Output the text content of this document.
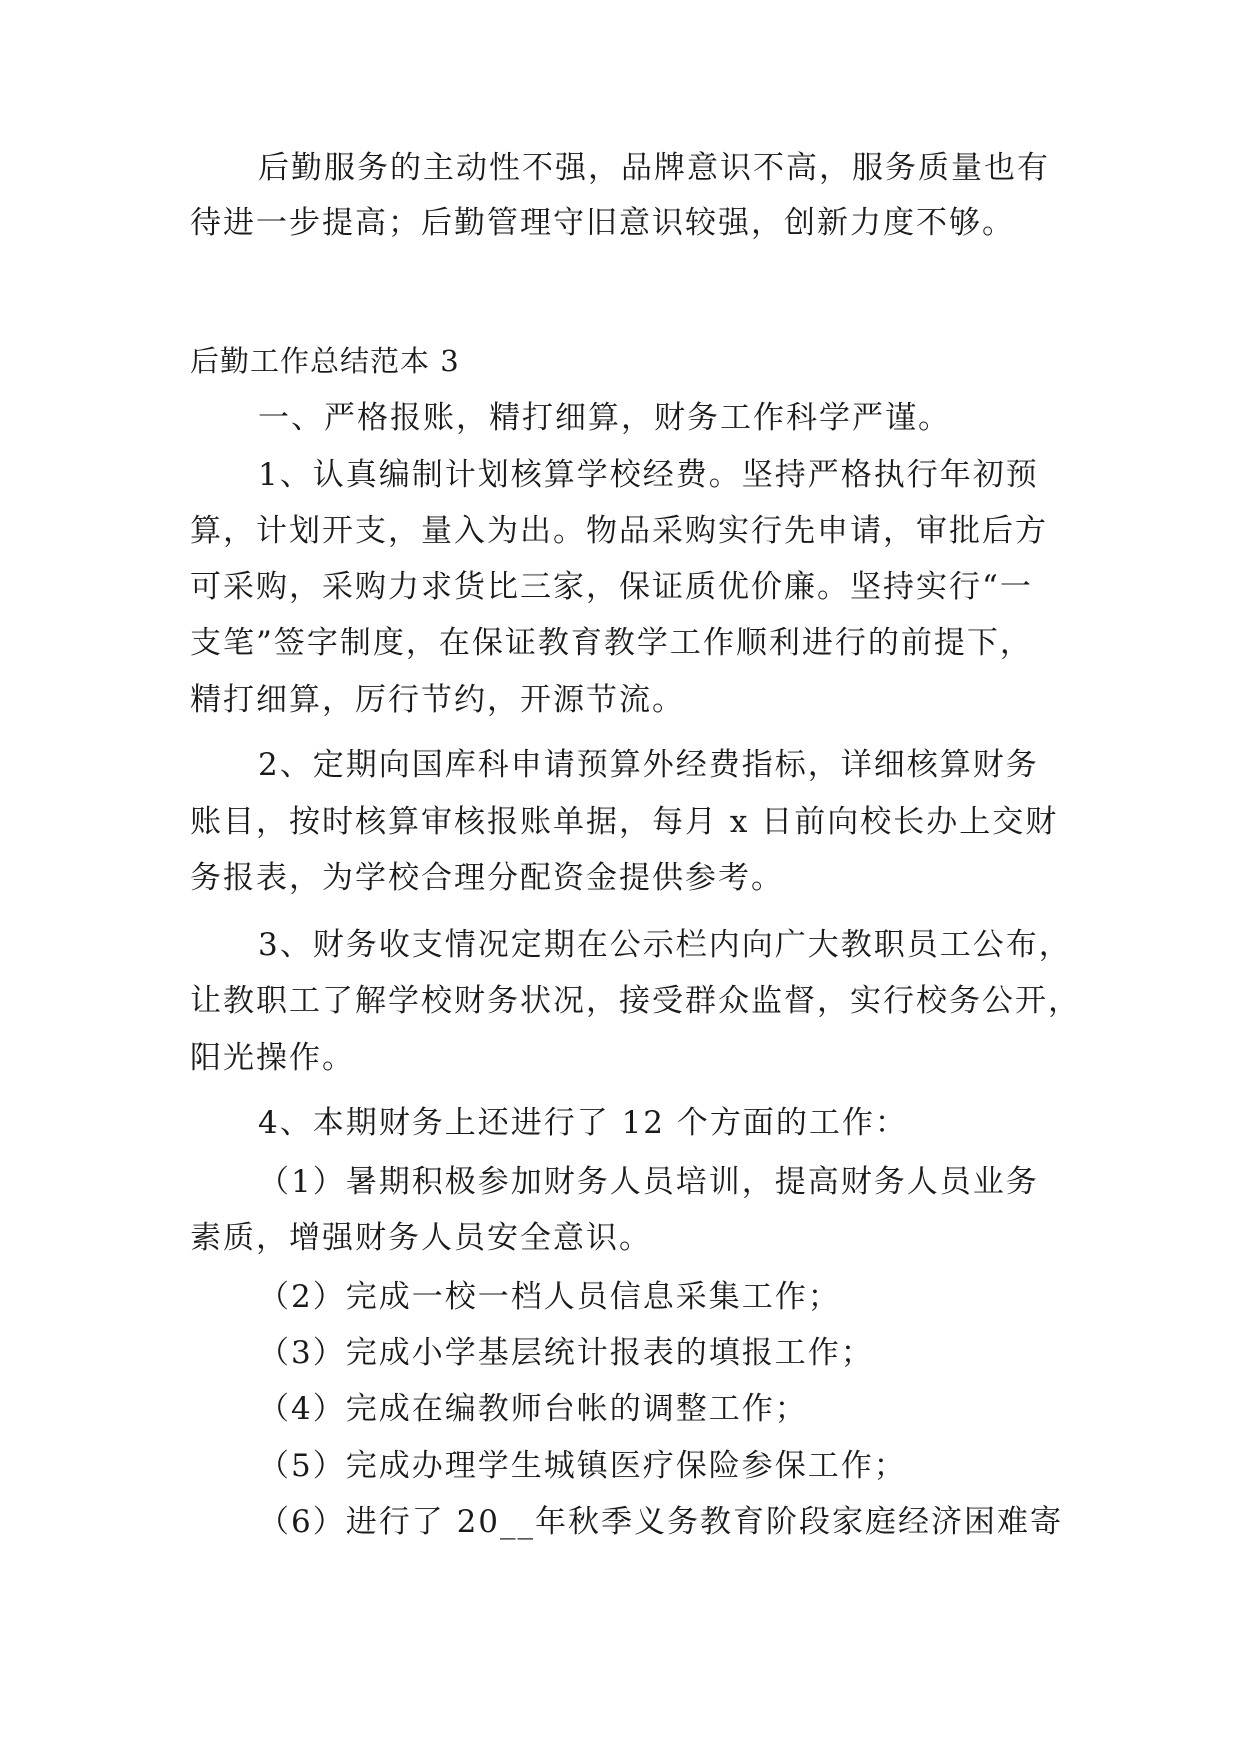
后勤服务的主动性不强，品牌意识不高，服务质量也有
待进一步提高；后勤管理守旧意识较强，创新力度不够。
后勤工作总结范本 3
一、严格报账，精打细算，财务工作科学严谨。
1、认真编制计划核算学校经费。坚持严格执行年初预
算，计划开支，量入为出。物品采购实行先申请，审批后方
可采购，采购力求货比三家，保证质优价廉。坚持实行“一
支笔”签字制度，在保证教育教学工作顺利进行的前提下，
精打细算，厉行节约，开源节流。
2、定期向国库科申请预算外经费指标，详细核算财务
账目，按时核算审核报账单据，每月 x 日前向校长办上交财
务报表，为学校合理分配资金提供参考。
3、财务收支情况定期在公示栏内向广大教职员工公布，
让教职工了解学校财务状况，接受群众监督，实行校务公开，
阳光操作。
4、本期财务上还进行了 12 个方面的工作：
（1）暑期积极参加财务人员培训，提高财务人员业务
素质，增强财务人员安全意识。
（2）完成一校一档人员信息采集工作；
（3）完成小学基层统计报表的填报工作；
（4）完成在编教师台帐的调整工作；
（5）完成办理学生城镇医疗保险参保工作；
（6）进行了 20__年秋季义务教育阶段家庭经济困难寄
